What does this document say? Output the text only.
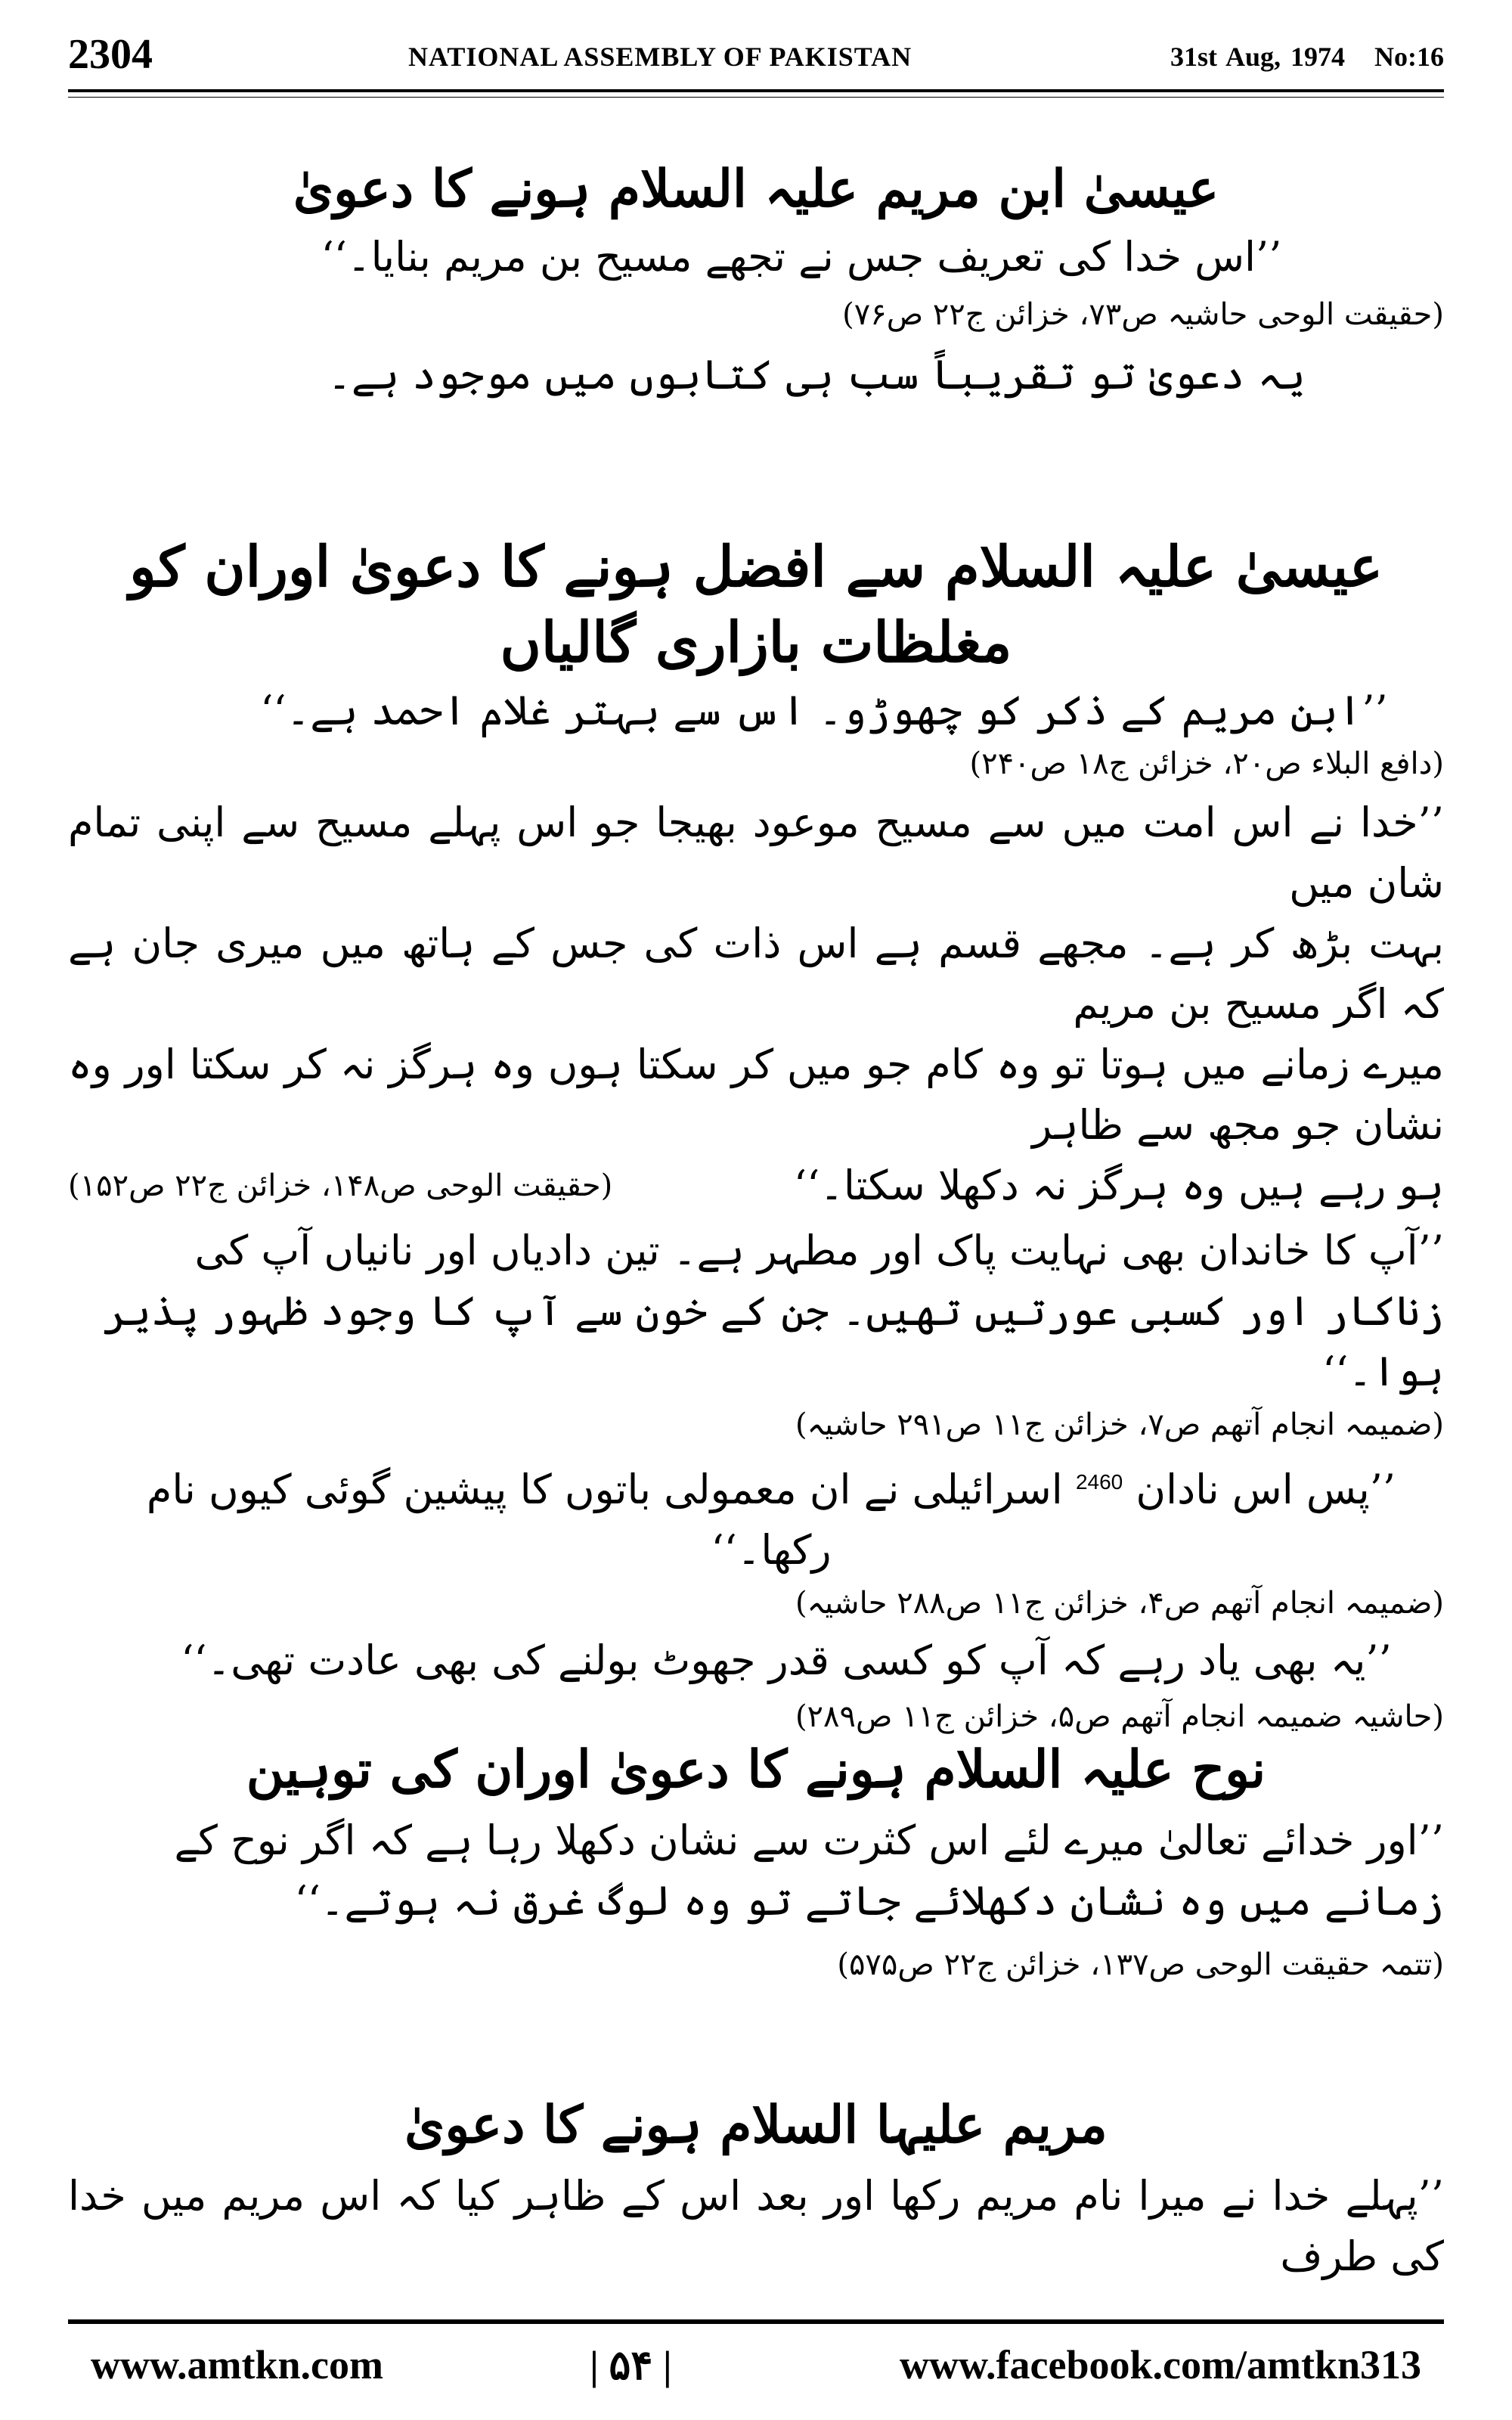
2304	NATIONAL ASSEMBLY OF PAKISTAN	31st Aug, 1974 No:16
عیسیٰ ابن مریم علیہ السلام ہونے کا دعویٰ
’’اس خدا کی تعریف جس نے تجھے مسیح بن مریم بنایا۔‘‘
(حقیقت الوحی حاشیہ ص۷۳، خزائن ج۲۲ ص۷۶)
یہ دعویٰ تو تقریباً سب ہی کتابوں میں موجود ہے۔
عیسیٰ علیہ السلام سے افضل ہونے کا دعویٰ اوران کو مغلظات بازاری گالیاں
’’ابن مریم کے ذکر کو چھوڑو۔ اس سے بہتر غلام احمد ہے۔‘‘
(دافع البلاء ص۲۰، خزائن ج۱۸ ص۲۴۰)
’’خدا نے اس امت میں سے مسیح موعود بھیجا جو اس پہلے مسیح سے اپنی تمام شان میں
بہت بڑھ کر ہے۔ مجھے قسم ہے اس ذات کی جس کے ہاتھ میں میری جان ہے کہ اگر مسیح بن مریم
میرے زمانے میں ہوتا تو وہ کام جو میں کر سکتا ہوں وہ ہرگز نہ کر سکتا اور وہ نشان جو مجھ سے ظاہر
ہو رہے ہیں وہ ہرگز نہ دکھلا سکتا۔‘‘
(حقیقت الوحی ص۱۴۸، خزائن ج۲۲ ص۱۵۲)
’’آپ کا خاندان بھی نہایت پاک اور مطہر ہے۔ تین دادیاں اور نانیاں آپ کی
زناکار اور کسبی عورتیں تھیں۔ جن کے خون سے آپ کا وجود ظہور پذیر ہوا۔‘‘
(ضمیمہ انجام آتھم ص۷، خزائن ج۱۱ ص۲۹۱ حاشیہ)
’’پس اس نادان $^{2460}$ اسرائیلی نے ان معمولی باتوں کا پیشین گوئی کیوں نام رکھا۔‘‘
(ضمیمہ انجام آتھم ص۴، خزائن ج۱۱ ص۲۸۸ حاشیہ)
’’یہ بھی یاد رہے کہ آپ کو کسی قدر جھوٹ بولنے کی بھی عادت تھی۔‘‘
(حاشیہ ضمیمہ انجام آتھم ص۵، خزائن ج۱۱ ص۲۸۹)
نوح علیہ السلام ہونے کا دعویٰ اوران کی توہین
’’اور خدائے تعالیٰ میرے لئے اس کثرت سے نشان دکھلا رہا ہے کہ اگر نوح کے
زمانے میں وہ نشان دکھلائے جاتے تو وہ لوگ غرق نہ ہوتے۔‘‘
(تتمہ حقیقت الوحی ص۱۳۷، خزائن ج۲۲ ص۵۷۵)
مریم علیہا السلام ہونے کا دعویٰ
’’پہلے خدا نے میرا نام مریم رکھا اور بعد اس کے ظاہر کیا کہ اس مریم میں خدا کی طرف
www.amtkn.com	| ۵۴ |	www.facebook.com/amtkn313
